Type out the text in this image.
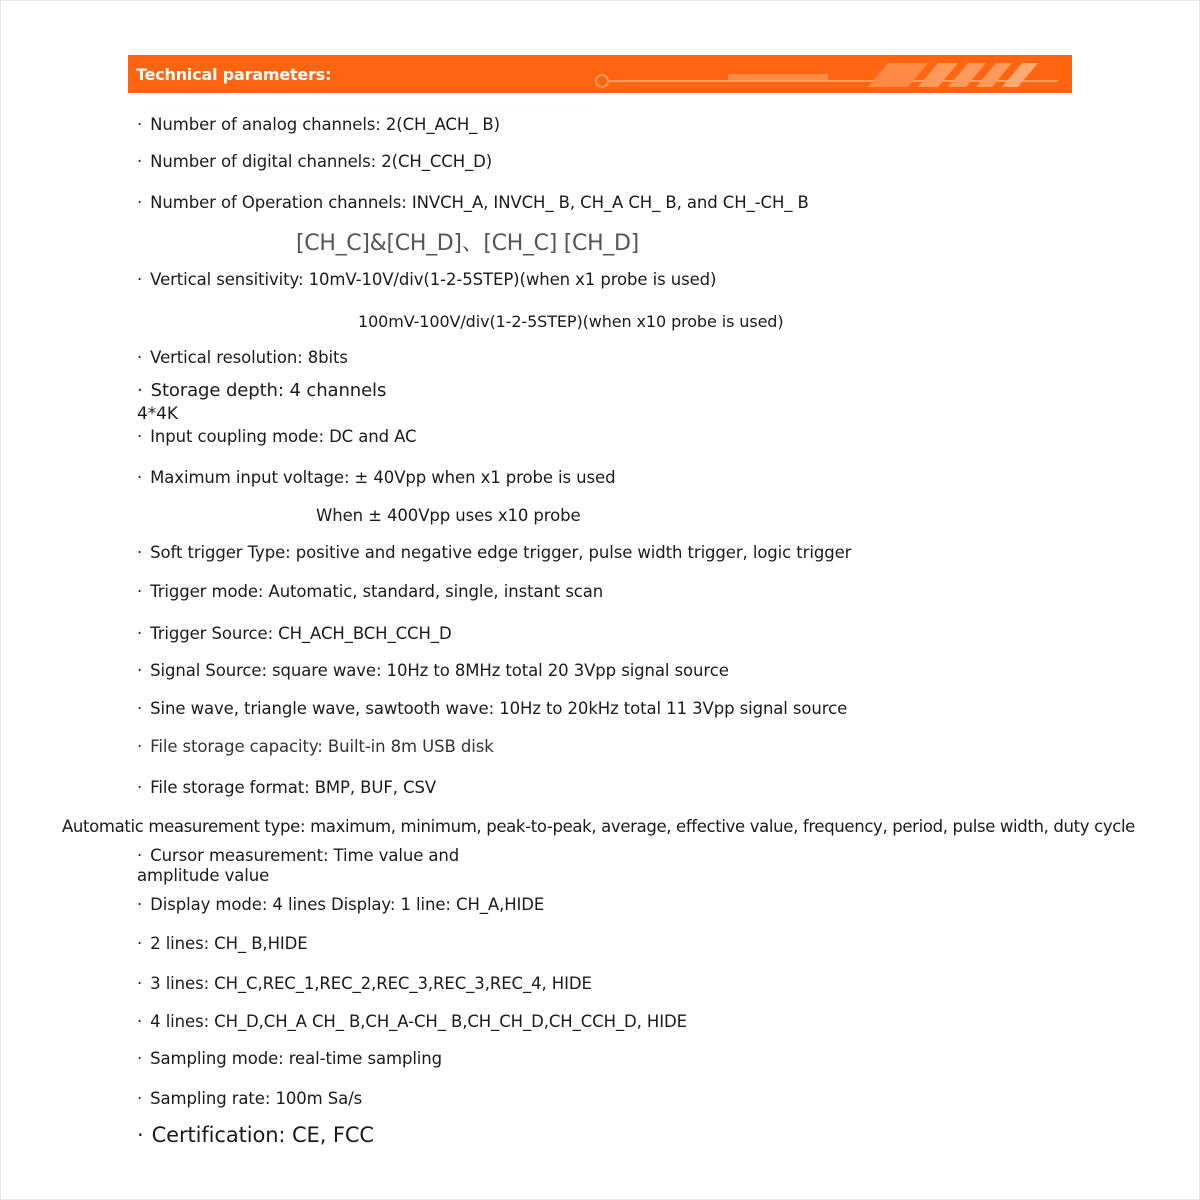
Technical parameters:
· Number of analog channels: 2(CH_ACH_ B)
· Number of digital channels: 2(CH_CCH_D)
· Number of Operation channels: INVCH_A, INVCH_ B, CH_A CH_ B, and CH_-CH_ B
[CH_C]&[CH_D]、[CH_C] [CH_D]
· Vertical sensitivity: 10mV-10V/div(1-2-5STEP)(when x1 probe is used)
100mV-100V/div(1-2-5STEP)(when x10 probe is used)
· Vertical resolution: 8bits
· Storage depth: 4 channels
4*4K
· Input coupling mode: DC and AC
· Maximum input voltage: ± 40Vpp when x1 probe is used
When ± 400Vpp uses x10 probe
· Soft trigger Type: positive and negative edge trigger, pulse width trigger, logic trigger
· Trigger mode: Automatic, standard, single, instant scan
· Trigger Source: CH_ACH_BCH_CCH_D
· Signal Source: square wave: 10Hz to 8MHz total 20 3Vpp signal source
· Sine wave, triangle wave, sawtooth wave: 10Hz to 20kHz total 11 3Vpp signal source
· File storage capacity: Built-in 8m USB disk
· File storage format: BMP, BUF, CSV
Automatic measurement type: maximum, minimum, peak-to-peak, average, effective value, frequency, period, pulse width, duty cycle
· Cursor measurement: Time value and
amplitude value
· Display mode: 4 lines Display: 1 line: CH_A,HIDE
· 2 lines: CH_ B,HIDE
· 3 lines: CH_C,REC_1,REC_2,REC_3,REC_3,REC_4, HIDE
· 4 lines: CH_D,CH_A CH_ B,CH_A-CH_ B,CH_CH_D,CH_CCH_D, HIDE
· Sampling mode: real-time sampling
· Sampling rate: 100m Sa/s
· Certification: CE, FCC
